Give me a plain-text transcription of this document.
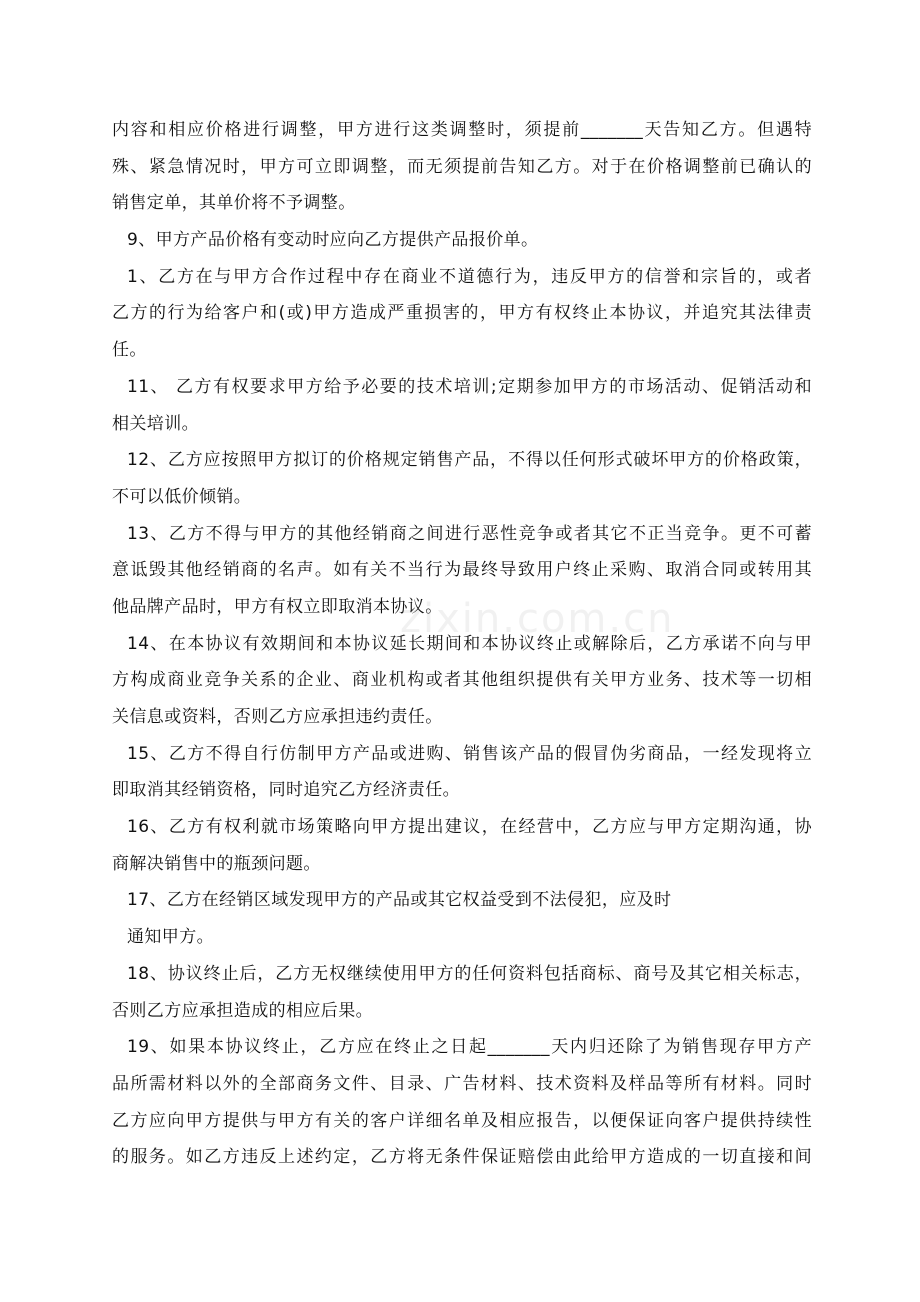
内容和相应价格进行调整，甲方进行这类调整时，须提前_______天告知乙方。但遇特
殊、紧急情况时，甲方可立即调整，而无须提前告知乙方。对于在价格调整前已确认的
销售定单，其单价将不予调整。
9、甲方产品价格有变动时应向乙方提供产品报价单。
1、乙方在与甲方合作过程中存在商业不道德行为，违反甲方的信誉和宗旨的，或者
乙方的行为给客户和(或)甲方造成严重损害的，甲方有权终止本协议，并追究其法律责
任。
11、 乙方有权要求甲方给予必要的技术培训;定期参加甲方的市场活动、促销活动和
相关培训。
12、乙方应按照甲方拟订的价格规定销售产品，不得以任何形式破坏甲方的价格政策，
不可以低价倾销。
13、乙方不得与甲方的其他经销商之间进行恶性竞争或者其它不正当竞争。更不可蓄
意诋毁其他经销商的名声。如有关不当行为最终导致用户终止采购、取消合同或转用其
他品牌产品时，甲方有权立即取消本协议。
14、在本协议有效期间和本协议延长期间和本协议终止或解除后，乙方承诺不向与甲
方构成商业竞争关系的企业、商业机构或者其他组织提供有关甲方业务、技术等一切相
关信息或资料，否则乙方应承担违约责任。
15、乙方不得自行仿制甲方产品或进购、销售该产品的假冒伪劣商品，一经发现将立
即取消其经销资格，同时追究乙方经济责任。
16、乙方有权利就市场策略向甲方提出建议，在经营中，乙方应与甲方定期沟通，协
商解决销售中的瓶颈问题。
17、乙方在经销区域发现甲方的产品或其它权益受到不法侵犯，应及时
通知甲方。
18、协议终止后，乙方无权继续使用甲方的任何资料包括商标、商号及其它相关标志，
否则乙方应承担造成的相应后果。
19、如果本协议终止，乙方应在终止之日起_______天内归还除了为销售现存甲方产
品所需材料以外的全部商务文件、目录、广告材料、技术资料及样品等所有材料。同时
乙方应向甲方提供与甲方有关的客户详细名单及相应报告，以便保证向客户提供持续性
的服务。如乙方违反上述约定，乙方将无条件保证赔偿由此给甲方造成的一切直接和间
zixin.com.cn
